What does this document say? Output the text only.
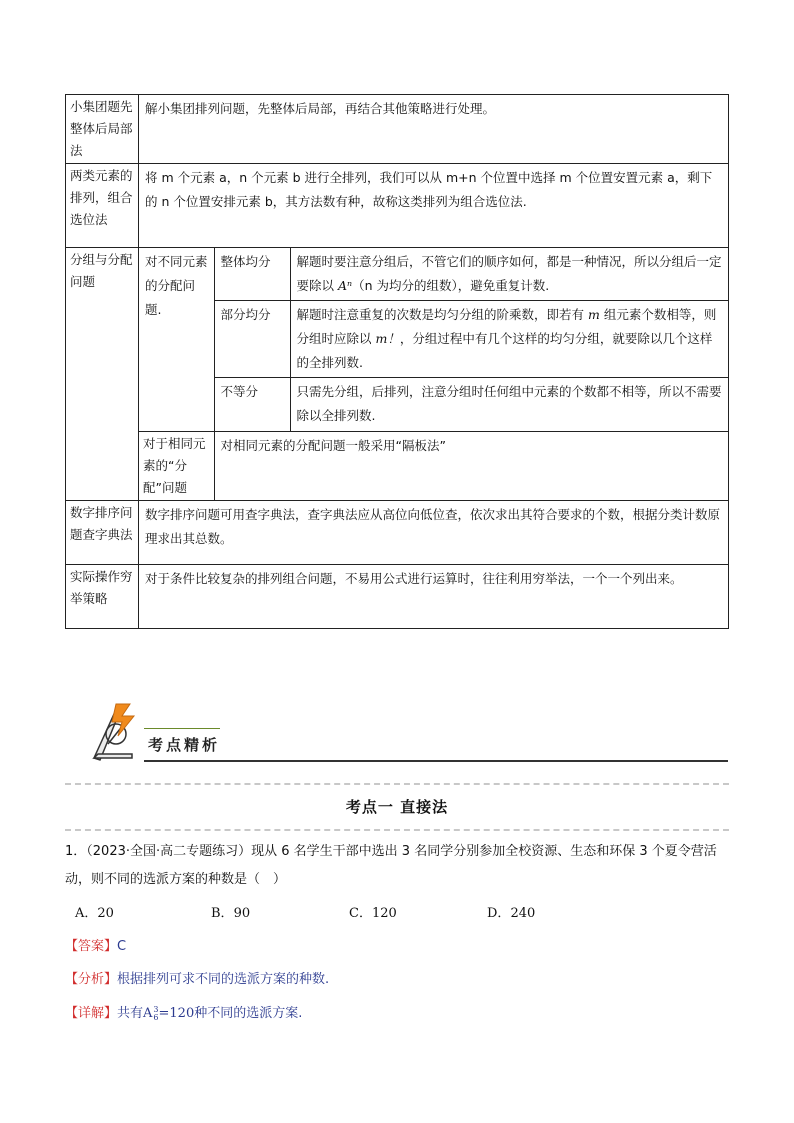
小集团题先整体后局部法	解小集团排列问题，先整体后局部，再结合其他策略进行处理。
两类元素的排列，组合选位法	将 m 个元素 a，n 个元素 b 进行全排列，我们可以从 m+n 个位置中选择 m 个位置安置元素 a，剩下的 n 个位置安排元素 b，其方法数有种，故称这类排列为组合选位法.
分组与分配问题	
对不同元素的分配问题.	整体均分	解题时要注意分组后，不管它们的顺序如何，都是一种情况，所以分组后一定要除以 Aⁿ（n 为均分的组数），避免重复计数.
部分均分	解题时注意重复的次数是均匀分组的阶乘数，即若有 m 组元素个数相等，则分组时应除以 m！，分组过程中有几个这样的均匀分组，就要除以几个这样的全排列数.
不等分	只需先分组，后排列，注意分组时任何组中元素的个数都不相等，所以不需要除以全排列数.
对于相同元素的“分配”问题	对相同元素的分配问题一般采用“隔板法”

数字排序问题查字典法	数字排序问题可用查字典法，查字典法应从高位向低位查，依次求出其符合要求的个数，根据分类计数原理求出其总数。
实际操作穷举策略	对于条件比较复杂的排列组合问题，不易用公式进行运算时，往往利用穷举法，一个一个列出来。
考点精析
考点一 直接法
1．（2023·全国·高二专题练习）现从 6 名学生干部中选出 3 名同学分别参加全校资源、生态和环保 3 个夏令营活动，则不同的选派方案的种数是（　）
A．20	B．90	C．120	D．240
【答案】C
【分析】根据排列可求不同的选派方案的种数.
【详解】共有A 3
6 =120种不同的选派方案.
